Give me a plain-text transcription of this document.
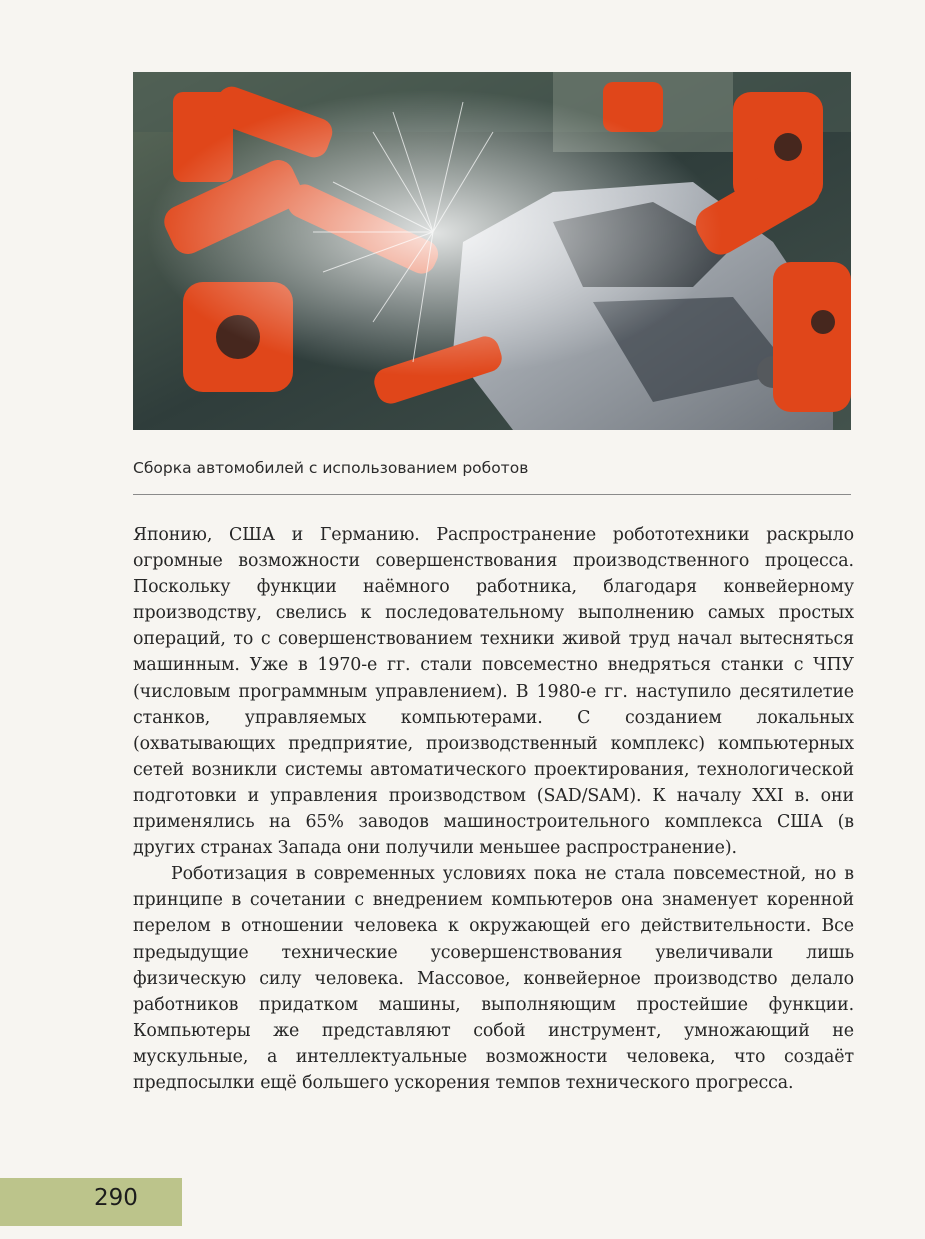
Сборка автомобилей с использованием роботов

Японию, США и Германию. Распространение робототехники раскрыло огромные возможности совершенствования производственного процесса. Поскольку функции наёмного работника, благодаря конвейерному производству, свелись к последовательному выполнению самых простых операций, то с совершенствованием техники живой труд начал вытесняться машинным. Уже в 1970-е гг. стали повсеместно внедряться станки с ЧПУ (числовым программным управлением). В 1980-е гг. наступило десятилетие станков, управляемых компьютерами. С созданием локальных (охватывающих предприятие, производственный комплекс) компьютерных сетей возникли системы автоматического проектирования, технологической подготовки и управления производством (SAD/SAM). К началу XXI в. они применялись на 65% заводов машиностроительного комплекса США (в других странах Запада они получили меньшее распространение).

Роботизация в современных условиях пока не стала повсеместной, но в принципе в сочетании с внедрением компьютеров она знаменует коренной перелом в отношении человека к окружающей его действительности. Все предыдущие технические усовершенствования увеличивали лишь физическую силу человека. Массовое, конвейерное производство делало работников придатком машины, выполняющим простейшие функции. Компьютеры же представляют собой инструмент, умножающий не мускульные, а интеллектуальные возможности человека, что создаёт предпосылки ещё большего ускорения темпов технического прогресса.

290
